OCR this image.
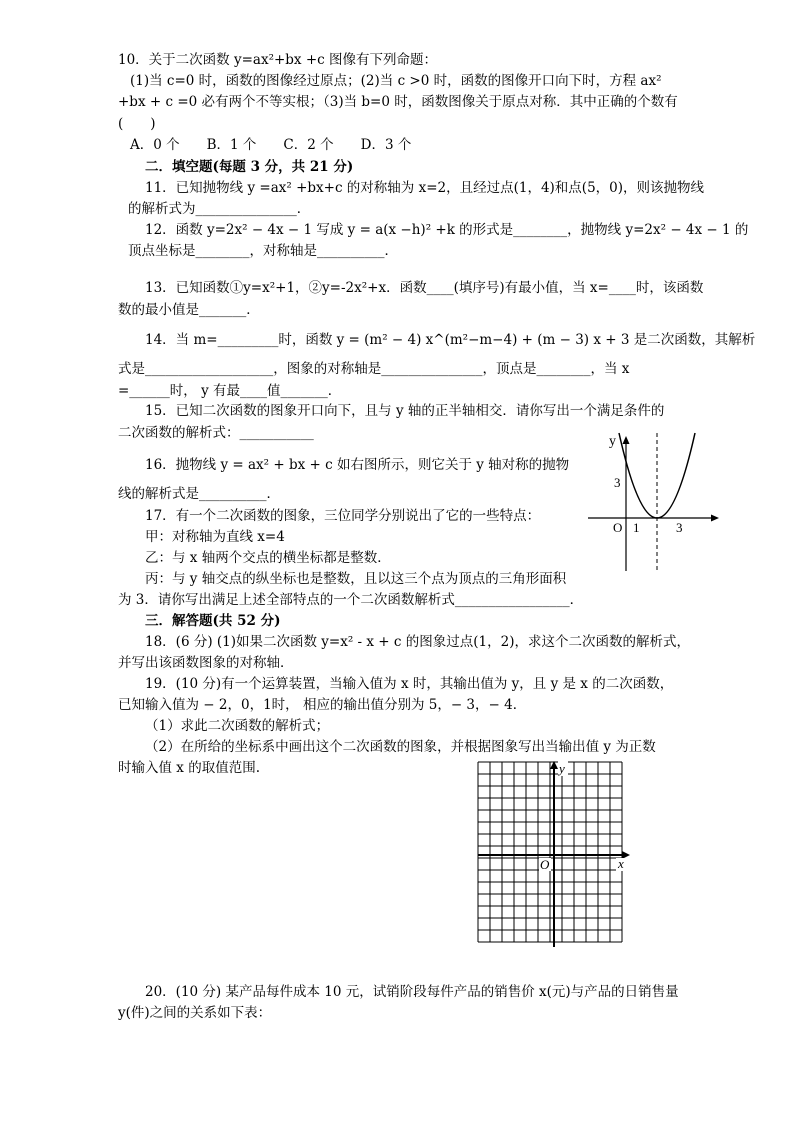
10．关于二次函数 y=ax²+bx +c 图像有下列命题：
(1)当 c=0 时，函数的图像经过原点；(2)当 c >0 时，函数的图像开口向下时，方程 ax²
+bx + c =0 必有两个不等实根；（3)当 b=0 时，函数图像关于原点对称．其中正确的个数有
(　　)
A．0 个　　B．1 个　　C．2 个　　D．3 个
二．填空题(每题 3 分，共 21 分)
11．已知抛物线 y =ax² +bx+c 的对称轴为 x=2，且经过点(1，4)和点(5，0)，则该抛物线
的解析式为_______________．
12．函数 y=2x² − 4x − 1 写成 y = a(x −h)² +k 的形式是________，抛物线 y=2x² − 4x − 1 的
顶点坐标是________，对称轴是__________．
13．已知函数①y=x²+1，②y=-2x²+x．函数____(填序号)有最小值，当 x=____时，该函数
数的最小值是_______．
14．当 m=_________时，函数 y = (m² − 4) x^(m²−m−4) + (m − 3) x + 3 是二次函数，其解析
式是___________________，图象的对称轴是_______________，顶点是________，当 x
=______时， y 有最____值_______．
15．已知二次函数的图象开口向下，且与 y 轴的正半轴相交．请你写出一个满足条件的
二次函数的解析式：___________
16．抛物线 y = ax² + bx + c 如右图所示，则它关于 y 轴对称的抛物
线的解析式是__________．
17．有一个二次函数的图象，三位同学分别说出了它的一些特点：
甲：对称轴为直线 x=4
乙：与 x 轴两个交点的横坐标都是整数．
丙：与 y 轴交点的纵坐标也是整数，且以这三个点为顶点的三角形面积
为 3．请你写出满足上述全部特点的一个二次函数解析式_________________．
三．解答题(共 52 分)
18．(6 分) (1)如果二次函数 y=x² - x + c 的图象过点(1，2)，求这个二次函数的解析式，
并写出该函数图象的对称轴．
19．(10 分)有一个运算装置，当输入值为 x 时，其输出值为 y，且 y 是 x 的二次函数，
已知输入值为 − 2，0，1时， 相应的输出值分别为 5，− 3，− 4．
（1）求此二次函数的解析式；
（2）在所给的坐标系中画出这个二次函数的图象，并根据图象写出当输出值 y 为正数
时输入值 x 的取值范围.
20．(10 分) 某产品每件成本 10 元，试销阶段每件产品的销售价 x(元)与产品的日销售量
y(件)之间的关系如下表：
y
O 1	3
3
y
x
O
